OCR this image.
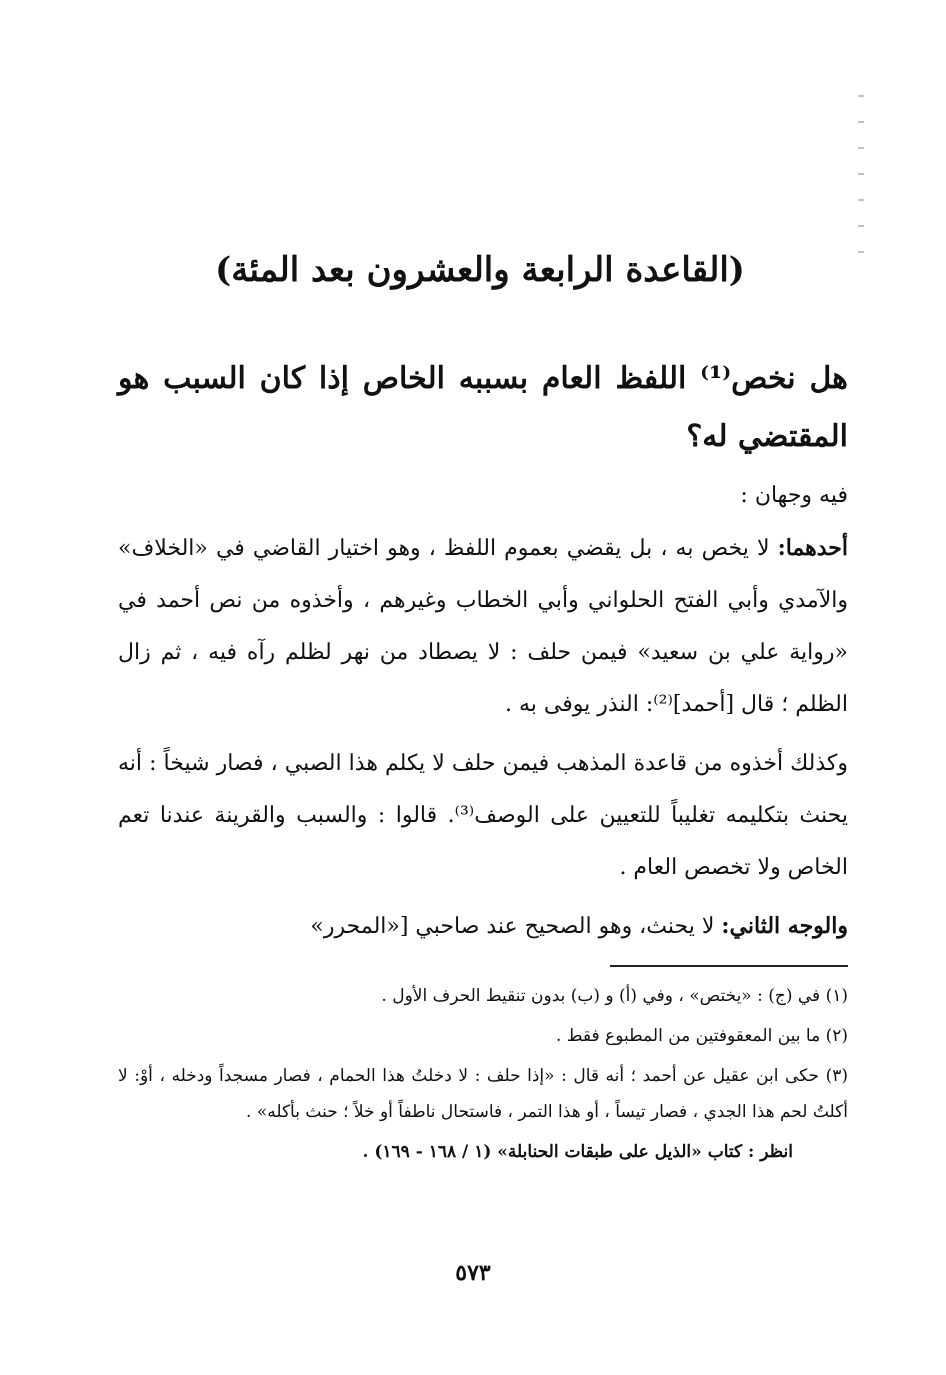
(القاعدة الرابعة والعشرون بعد المئة)
هل نخص⁽¹⁾ اللفظ العام بسببه الخاص إذا كان السبب هو المقتضي له؟
فيه وجهان :
أحدهما: لا يخص به ، بل يقضي بعموم اللفظ ، وهو اختيار القاضي في «الخلاف» والآمدي وأبي الفتح الحلواني وأبي الخطاب وغيرهم ، وأخذوه من نص أحمد في «رواية علي بن سعيد» فيمن حلف : لا يصطاد من نهر لظلم رآه فيه ، ثم زال الظلم ؛ قال [أحمد]⁽²⁾: النذر يوفى به .
وكذلك أخذوه من قاعدة المذهب فيمن حلف لا يكلم هذا الصبي ، فصار شيخاً : أنه يحنث بتكليمه تغليباً للتعيين على الوصف⁽³⁾. قالوا : والسبب والقرينة عندنا تعم الخاص ولا تخصص العام .
والوجه الثاني: لا يحنث، وهو الصحيح عند صاحبي [«المحرر»

(١) في (ج) : «يختص» ، وفي (أ) و (ب) بدون تنقيط الحرف الأول .

(٢) ما بين المعقوفتين من المطبوع فقط .

(٣) حكى ابن عقيل عن أحمد ؛ أنه قال : «إذا حلف : لا دخلتُ هذا الحمام ، فصار مسجداً ودخله ، أوْ: لا أكلتُ لحم هذا الجدي ، فصار تيساً ، أو هذا التمر ، فاستحال ناطفاً أو خلاً ؛ حنث بأكله» .

انظر : كتاب «الذيل على طبقات الحنابلة» (١ / ١٦٨ - ١٦٩) .

٥٧٣
